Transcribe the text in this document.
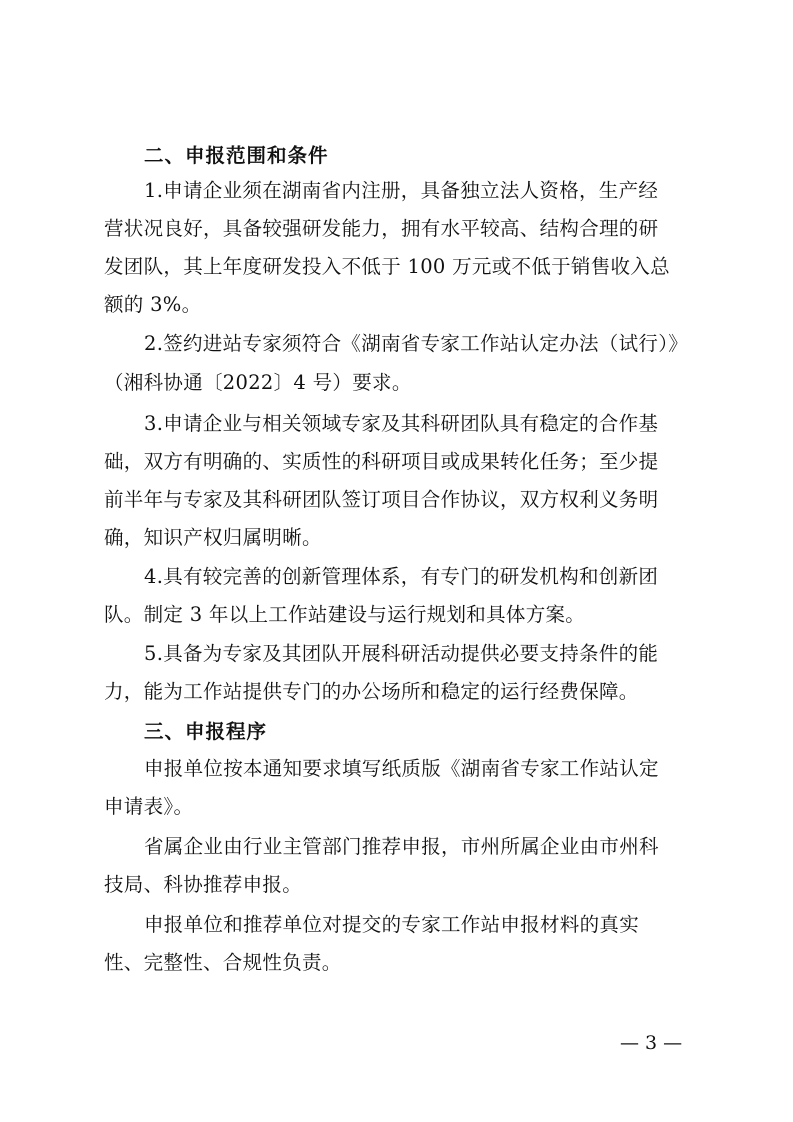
二、申报范围和条件
1.申请企业须在湖南省内注册，具备独立法人资格，生产经
营状况良好，具备较强研发能力，拥有水平较高、结构合理的研
发团队，其上年度研发投入不低于 100 万元或不低于销售收入总
额的 3%。
2.签约进站专家须符合《湖南省专家工作站认定办法（试行）》
（湘科协通〔2022〕4 号）要求。
3.申请企业与相关领域专家及其科研团队具有稳定的合作基
础，双方有明确的、实质性的科研项目或成果转化任务；至少提
前半年与专家及其科研团队签订项目合作协议，双方权利义务明
确，知识产权归属明晰。
4.具有较完善的创新管理体系，有专门的研发机构和创新团
队。制定 3 年以上工作站建设与运行规划和具体方案。
5.具备为专家及其团队开展科研活动提供必要支持条件的能
力，能为工作站提供专门的办公场所和稳定的运行经费保障。
三、申报程序
申报单位按本通知要求填写纸质版《湖南省专家工作站认定
申请表》。
省属企业由行业主管部门推荐申报，市州所属企业由市州科
技局、科协推荐申报。
申报单位和推荐单位对提交的专家工作站申报材料的真实
性、完整性、合规性负责。
— 3 —
